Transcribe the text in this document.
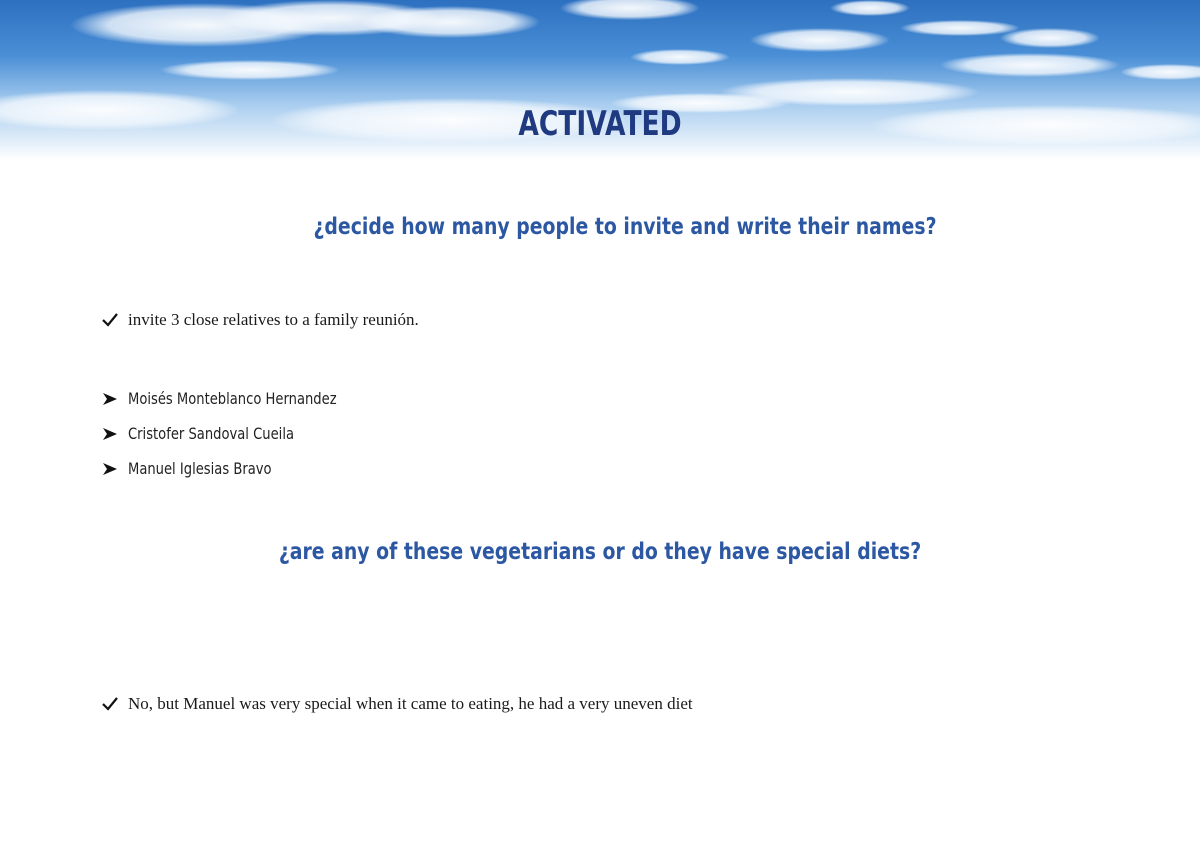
ACTIVATED
¿decide how many people to invite and write their names?
invite 3 close relatives to a family reunión.
Moisés Monteblanco Hernandez
Cristofer Sandoval Cueila
Manuel Iglesias Bravo
¿are any of these vegetarians or do they have special diets?
No, but Manuel was very special when it came to eating, he had a very uneven diet
